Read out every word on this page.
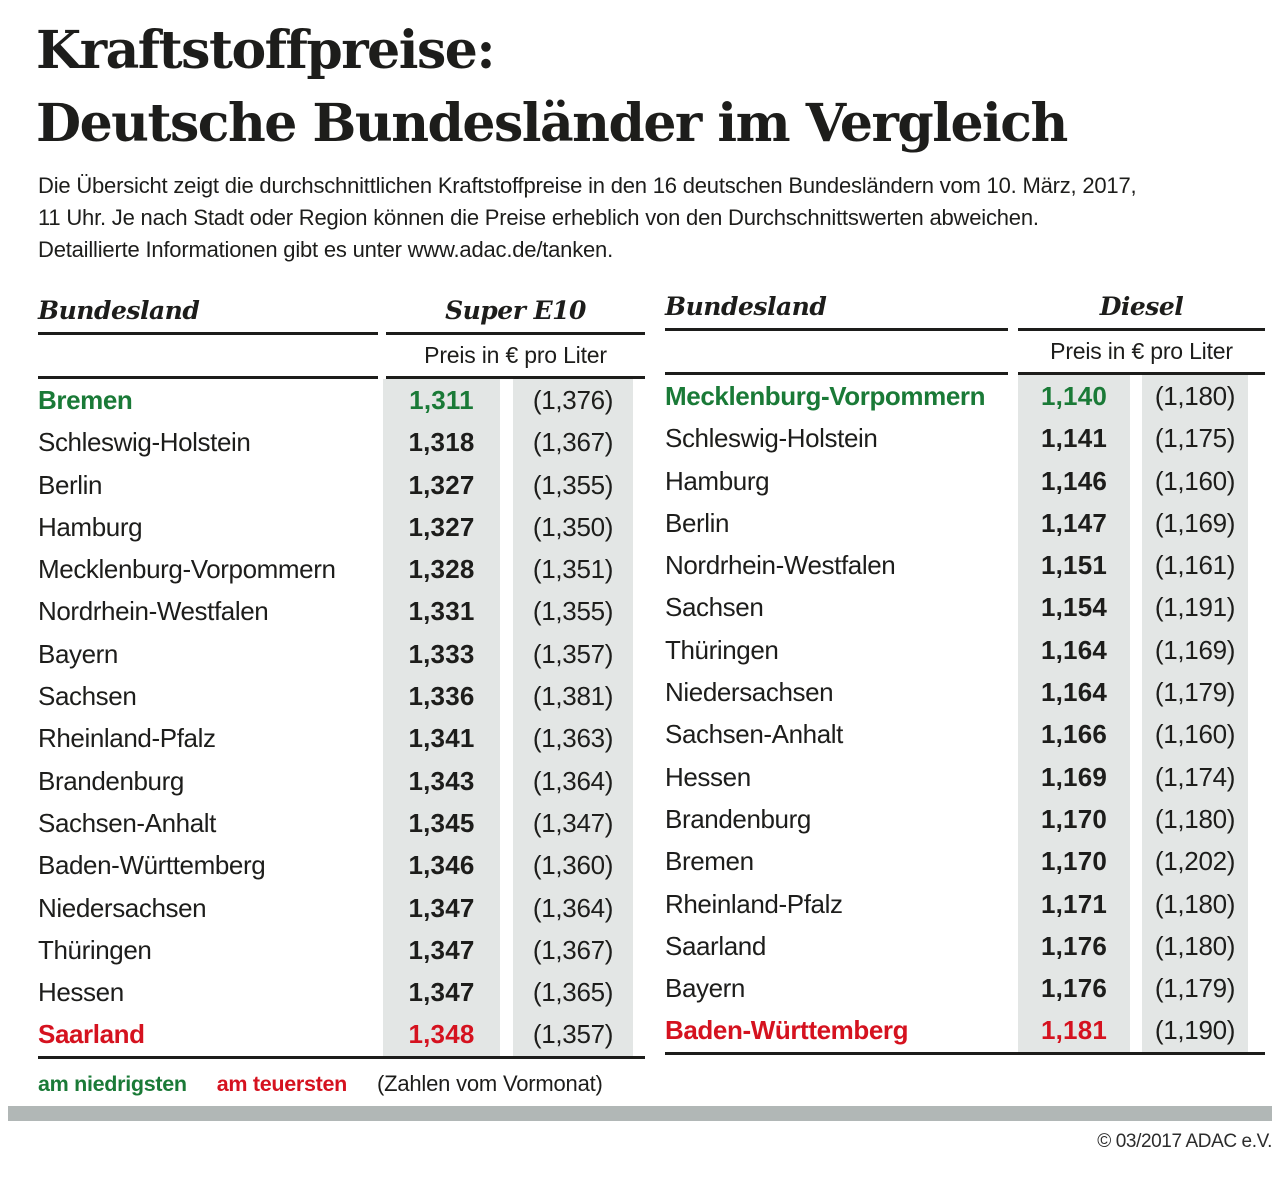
Kraftstoffpreise:
Deutsche Bundesländer im Vergleich
Die Übersicht zeigt die durchschnittlichen Kraftstoffpreise in den 16 deutschen Bundesländern vom 10. März, 2017,
11 Uhr. Je nach Stadt oder Region können die Preise erheblich von den Durchschnittswerten abweichen.
Detaillierte Informationen gibt es unter www.adac.de/tanken.
Bundesland	Super E10
Preis in € pro Liter
Bremen	1,311	(1,376)
Schleswig-Holstein	1,318	(1,367)
Berlin	1,327	(1,355)
Hamburg	1,327	(1,350)
Mecklenburg-Vorpommern	1,328	(1,351)
Nordrhein-Westfalen	1,331	(1,355)
Bayern	1,333	(1,357)
Sachsen	1,336	(1,381)
Rheinland-Pfalz	1,341	(1,363)
Brandenburg	1,343	(1,364)
Sachsen-Anhalt	1,345	(1,347)
Baden-Württemberg	1,346	(1,360)
Niedersachsen	1,347	(1,364)
Thüringen	1,347	(1,367)
Hessen	1,347	(1,365)
Saarland	1,348	(1,357)
Bundesland	Diesel
Preis in € pro Liter
Mecklenburg-Vorpommern	1,140	(1,180)
Schleswig-Holstein	1,141	(1,175)
Hamburg	1,146	(1,160)
Berlin	1,147	(1,169)
Nordrhein-Westfalen	1,151	(1,161)
Sachsen	1,154	(1,191)
Thüringen	1,164	(1,169)
Niedersachsen	1,164	(1,179)
Sachsen-Anhalt	1,166	(1,160)
Hessen	1,169	(1,174)
Brandenburg	1,170	(1,180)
Bremen	1,170	(1,202)
Rheinland-Pfalz	1,171	(1,180)
Saarland	1,176	(1,180)
Bayern	1,176	(1,179)
Baden-Württemberg	1,181	(1,190)
am niedrigsten am teuersten (Zahlen vom Vormonat)
© 03/2017 ADAC e.V.
